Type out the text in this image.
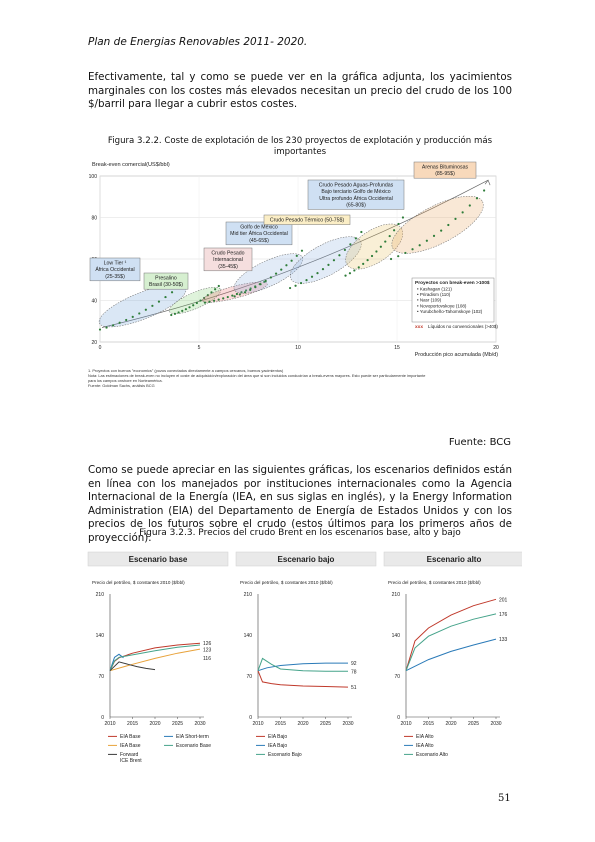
Plan de Energias Renovables 2011- 2020.
Efectivamente, tal y como se puede ver en la gráfica adjunta, los yacimientos marginales con los costes más elevados necesitan un precio del crudo de los 100 $/barril para llegar a cubrir estos costes.
Figura 3.2.2. Coste de explotación de los 230 proyectos de explotación y producción más importantes
Break-even comercial(US$/bbl)
20
40
80
100
0	5	10	15	20
Producción pico acumulada (Mb/d)
Low Tier ¹
África Occidental
(25-35$)	Presalino
Brasil (30-50$)
Crudo Pesado
Internacional
(35-45$)
Golfo de México
Mid tier África Occidental
(45-65$)
Crudo Pesado Aguas-Profundas
Bajo terciario Golfo de México
Ultra profundo África Occidental
(65-80$)
Crudo Pesado Térmico (50-75$)
Arenas Bituminosas
(85-95$)
Proyectos con break-even >100$
• Kashagan (121)
• Priradism (110)
• Nasr (109)
• Novoportovskoye (108)
• Yurubcheño-Tahomskoye (102)
xxx Líquidos no convencionales (>40$)
1. Proyectos con buenos "economics" (pozos conectados directamente a campos cercanos, buenos yacimientos)
Nota: Las estimaciones de break-even no incluyen el coste de adquisición/exploración del área que si son incluidos conducirían a break-evens mayores. Esto puede ser particularmente importante
para los campos onshore en Norteamérica.
Fuente: Goldman Sachs, análisis BCG
Fuente: BCG
Como se puede apreciar en las siguientes gráficas, los escenarios definidos están en línea con los manejados por instituciones internacionales como la Agencia Internacional de la Energía (IEA, en sus siglas en inglés), y la Energy Information Administration (EIA) del Departamento de Energía de Estados Unidos y con los precios de los futuros sobre el crudo (estos últimos para los primeros años de proyección).
Figura 3.2.3. Precios del crudo Brent en los escenarios base, alto y bajo
Escenario base
Precio del petróleo, $ constantes 2010 ($/bbl)
0
70
140
210
2010 2015 2020 2025 2030
126
123
116
EIA Base	EIA Short-term
IEA Base	Escenario Base
Forward
ICE Brent
Escenario bajo
Precio del petróleo, $ constantes 2010 ($/bbl)
0
70
140
210
2010 2015 2020 2025 2030
92
78
51
EIA Bajo
IEA Bajo
Escenario Bajo
Escenario alto
Precio del petróleo, $ constantes 2010 ($/bbl)
0
70
140
210
2010 2015 2020 2025 2030
201
176
133
EIA Alto
IEA Alto
Escenario Alto
51
